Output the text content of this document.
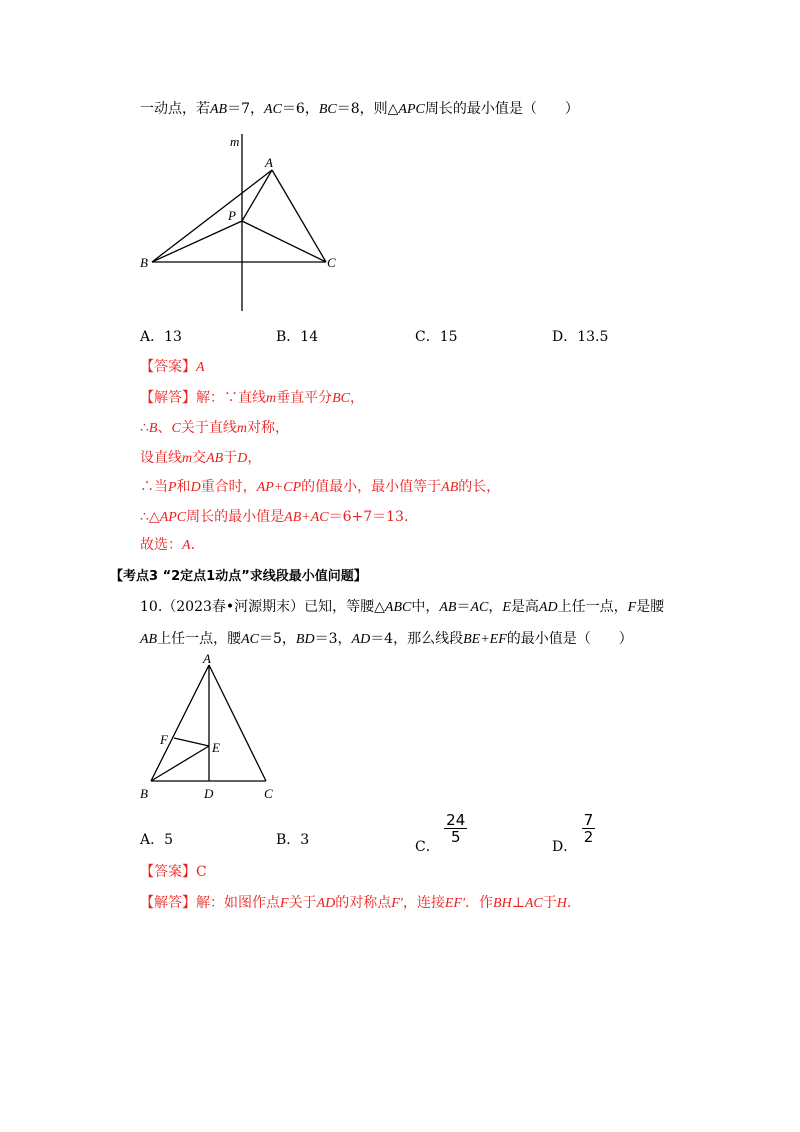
一动点，若AB＝7，AC＝6，BC＝8，则△APC周长的最小值是（　　）
m
A
P
B	C
A．13	B．14	C．15	D．13.5
【答案】A
【解答】解：∵直线m垂直平分BC，
∴B、C关于直线m对称，
设直线m交AB于D，
∴当P和D重合时，AP+CP的值最小，最小值等于AB的长，
∴△APC周长的最小值是AB+AC＝6+7＝13.
故选：A.
【考点3 “2定点1动点”求线段最小值问题】
10.（2023春•河源期末）已知，等腰△ABC中，AB＝AC，E是高AD上任一点，F是腰
AB上任一点，腰AC＝5，BD＝3，AD＝4，那么线段BE+EF的最小值是（　　）
A
F
E
B	D	C
A．5	B．3	C．
$\frac{24}{5}$
D．
$\frac{7}{2}$
【答案】C
【解答】解：如图作点F关于AD的对称点F′，连接EF′．作BH⊥AC于H.
